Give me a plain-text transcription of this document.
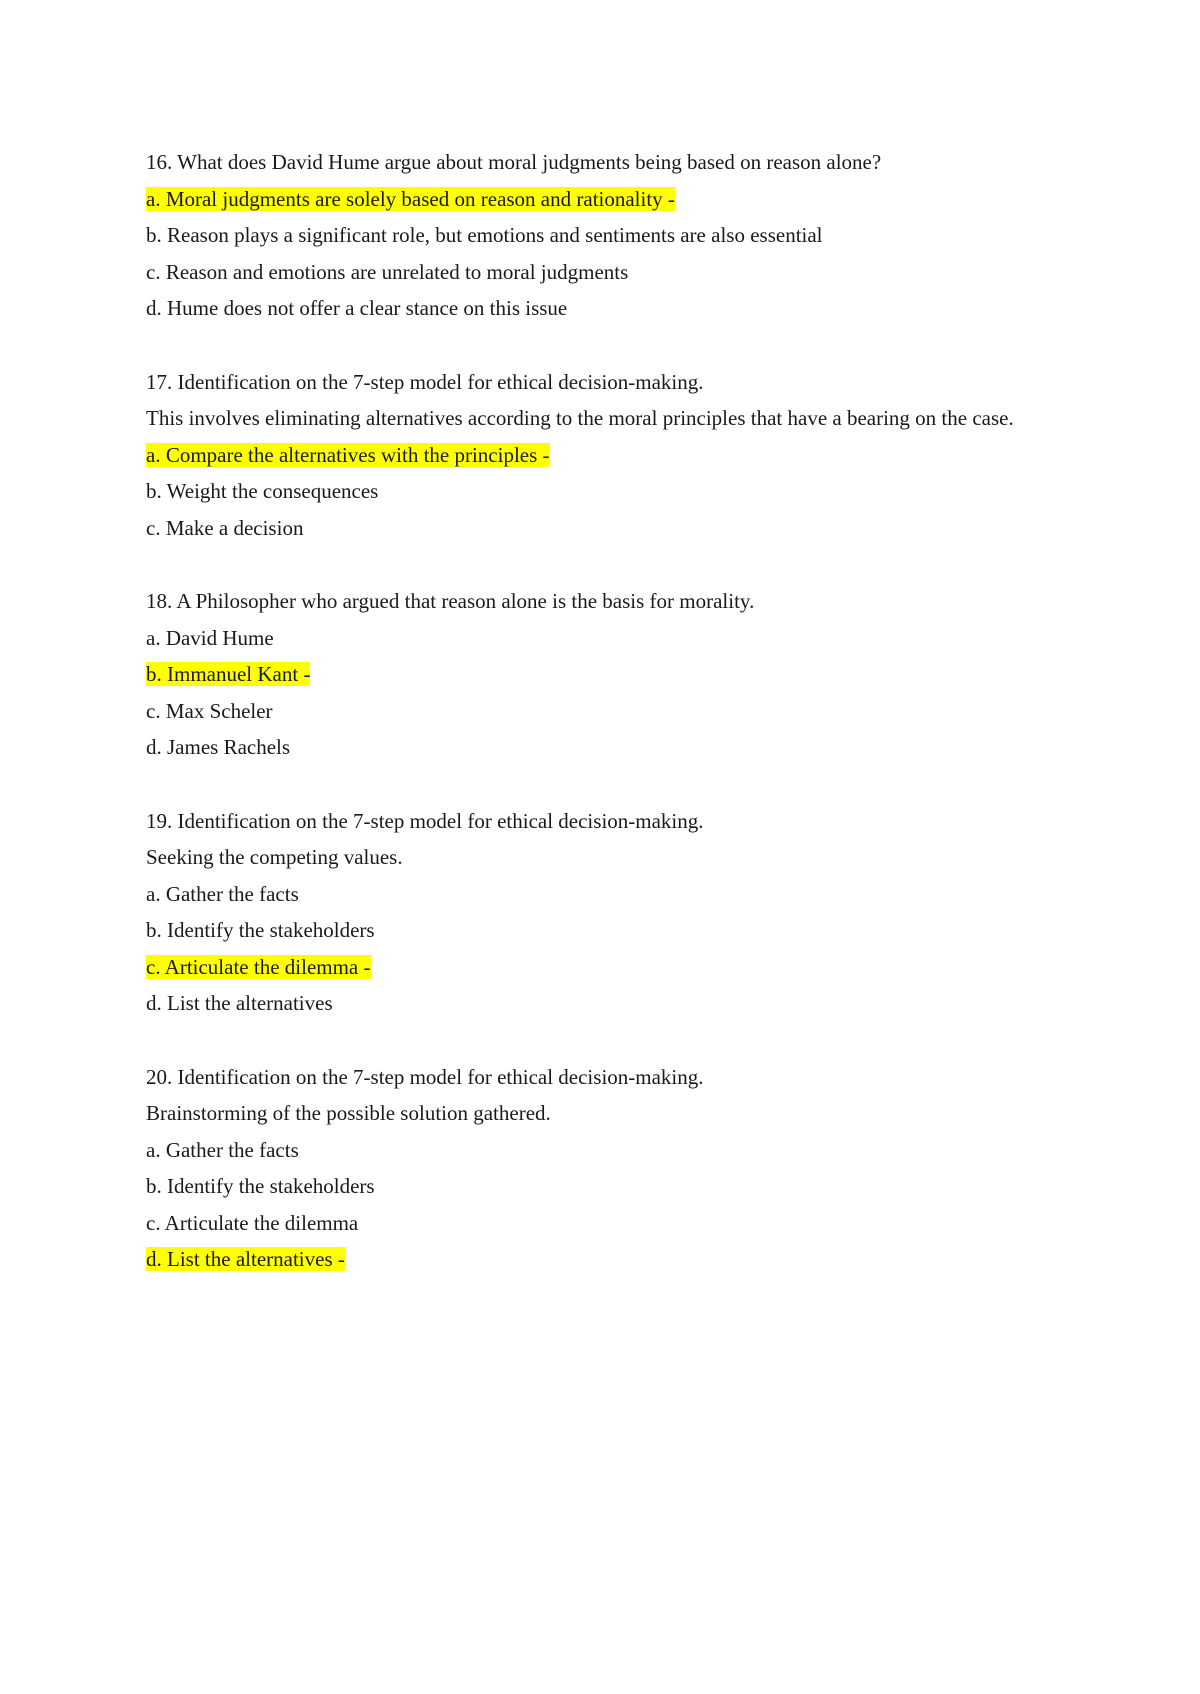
16. What does David Hume argue about moral judgments being based on reason alone?
a. Moral judgments are solely based on reason and rationality -
b. Reason plays a significant role, but emotions and sentiments are also essential
c. Reason and emotions are unrelated to moral judgments
d. Hume does not offer a clear stance on this issue
17. Identification on the 7-step model for ethical decision-making.
This involves eliminating alternatives according to the moral principles that have a bearing on the case.
a. Compare the alternatives with the principles -
b. Weight the consequences
c. Make a decision
18. A Philosopher who argued that reason alone is the basis for morality.
a. David Hume
b. Immanuel Kant -
c. Max Scheler
d. James Rachels
19. Identification on the 7-step model for ethical decision-making.
Seeking the competing values.
a. Gather the facts
b. Identify the stakeholders
c. Articulate the dilemma -
d. List the alternatives
20. Identification on the 7-step model for ethical decision-making.
Brainstorming of the possible solution gathered.
a. Gather the facts
b. Identify the stakeholders
c. Articulate the dilemma
d. List the alternatives -
